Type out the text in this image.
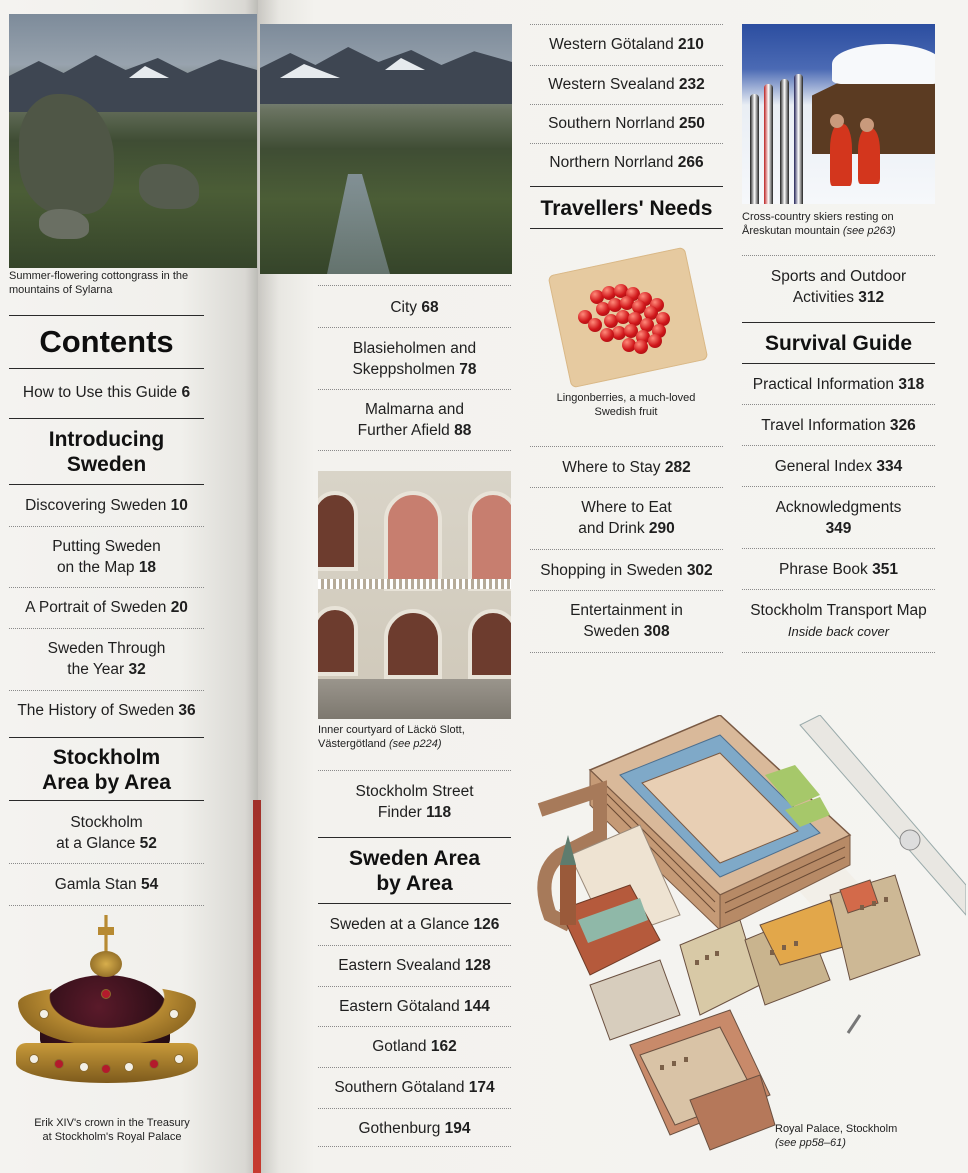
Summer-flowering cottongrass in the mountains of Sylarna
Contents
How to Use this Guide 6
Introducing Sweden
Discovering Sweden 10
Putting Sweden
on the Map 18
A Portrait of Sweden 20
Sweden Through
the Year 32
The History of Sweden 36
Stockholm Area by Area
Stockholm
at a Glance 52
Gamla Stan 54
Erik XIV's crown in the Treasury at Stockholm's Royal Palace
City 68
Blasieholmen and
Skeppsholmen 78
Malmarna and
Further Afield 88
Inner courtyard of Läckö Slott, Västergötland (see p224)
Stockholm Street
Finder 118
Sweden Area by Area
Sweden at a Glance 126
Eastern Svealand 128
Eastern Götaland 144
Gotland 162
Southern Götaland 174
Gothenburg 194
Western Götaland 210
Western Svealand 232
Southern Norrland 250
Northern Norrland 266
Travellers' Needs
Lingonberries, a much-loved Swedish fruit
Where to Stay 282
Where to Eat
and Drink 290
Shopping in Sweden 302
Entertainment in
Sweden 308
Cross-country skiers resting on Åreskutan mountain (see p263)
Sports and Outdoor
Activities 312
Survival Guide
Practical Information 318
Travel Information 326
General Index 334
Acknowledgments
349
Phrase Book 351
Stockholm Transport Map
Inside back cover
Royal Palace, Stockholm
(see pp58–61)
